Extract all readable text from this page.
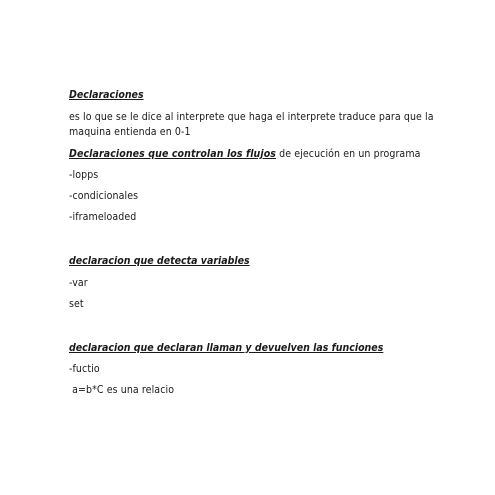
Declaraciones
es lo que se le dice al interprete que haga el interprete traduce para que la
maquina entienda en 0-1
Declaraciones que controlan los flujos de ejecución en un programa
-lopps
-condicionales
-iframeloaded
declaracion que detecta variables
-var
set
declaracion que declaran llaman y devuelven las funciones
-fuctio
a=b*C es una relacio
